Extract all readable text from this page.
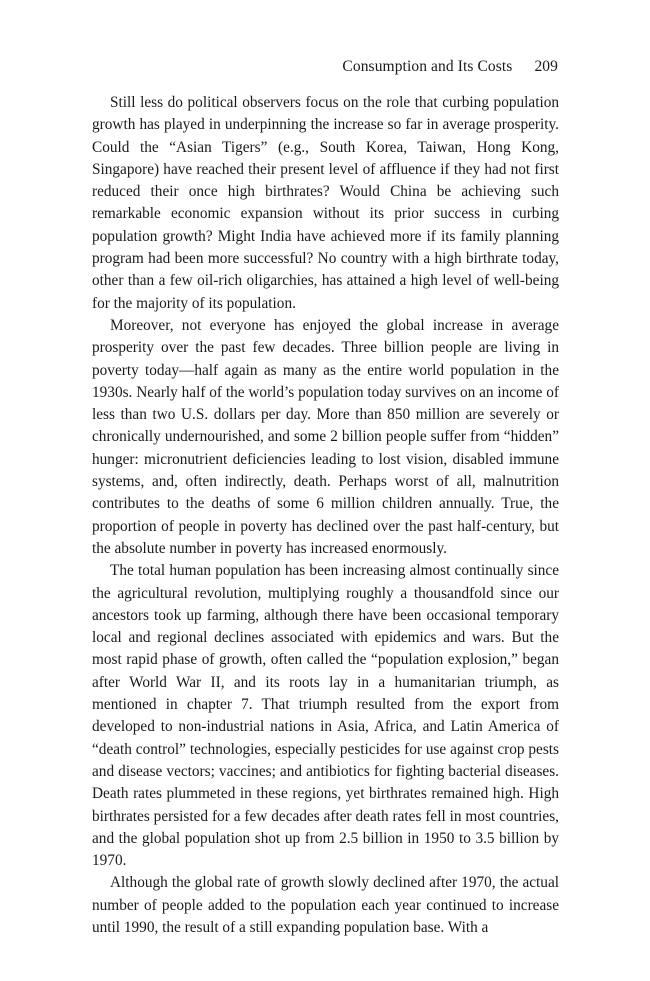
Consumption and Its Costs 209

Still less do political observers focus on the role that curbing population growth has played in underpinning the increase so far in average prosperity. Could the “Asian Tigers” (e.g., South Korea, Taiwan, Hong Kong, Singapore) have reached their present level of affluence if they had not first reduced their once high birthrates? Would China be achieving such remarkable economic expansion without its prior success in curbing population growth? Might India have achieved more if its family planning program had been more successful? No country with a high birthrate today, other than a few oil-rich oligarchies, has attained a high level of well-being for the majority of its population.

Moreover, not everyone has enjoyed the global increase in average prosperity over the past few decades. Three billion people are living in poverty today—half again as many as the entire world population in the 1930s. Nearly half of the world’s population today survives on an income of less than two U.S. dollars per day. More than 850 million are severely or chronically undernourished, and some 2 billion people suffer from “hidden” hunger: micronutrient deficiencies leading to lost vision, disabled immune systems, and, often indirectly, death. Perhaps worst of all, malnutrition contributes to the deaths of some 6 million children annually. True, the proportion of people in poverty has declined over the past half-century, but the absolute number in poverty has increased enormously.

The total human population has been increasing almost continually since the agricultural revolution, multiplying roughly a thousandfold since our ancestors took up farming, although there have been occasional temporary local and regional declines associated with epidemics and wars. But the most rapid phase of growth, often called the “population explosion,” began after World War II, and its roots lay in a humanitarian triumph, as mentioned in chapter 7. That triumph resulted from the export from developed to non-industrial nations in Asia, Africa, and Latin America of “death control” technologies, especially pesticides for use against crop pests and disease vectors; vaccines; and antibiotics for fighting bacterial diseases. Death rates plummeted in these regions, yet birthrates remained high. High birthrates persisted for a few decades after death rates fell in most countries, and the global population shot up from 2.5 billion in 1950 to 3.5 billion by 1970.

Although the global rate of growth slowly declined after 1970, the actual number of people added to the population each year continued to increase until 1990, the result of a still expanding population base. With a
